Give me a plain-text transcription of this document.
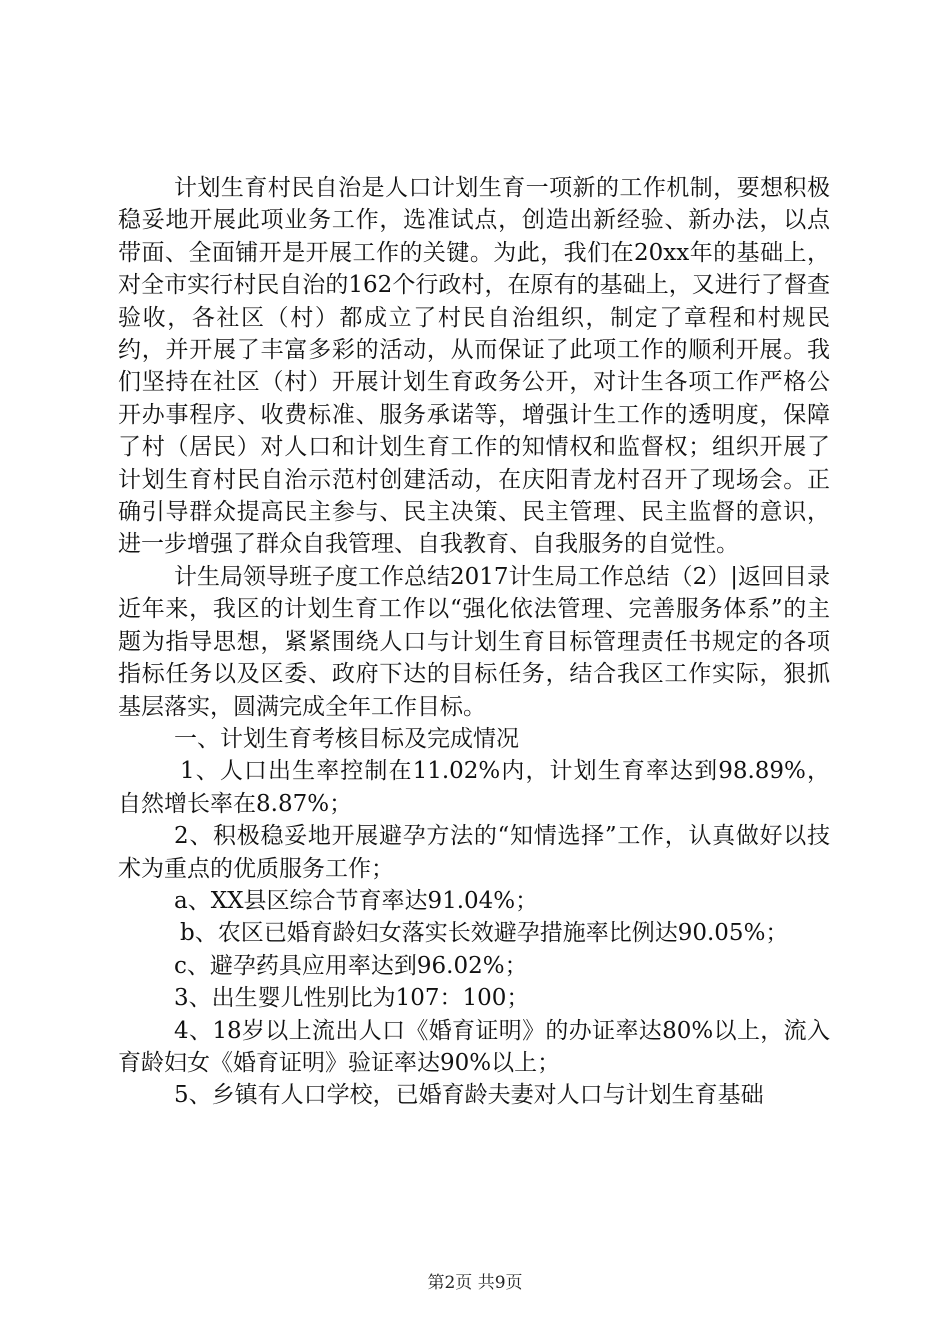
计划生育村民自治是人口计划生育一项新的工作机制，要想积极稳妥地开展此项业务工作，选准试点，创造出新经验、新办法，以点带面、全面铺开是开展工作的关键。为此，我们在20xx年的基础上，对全市实行村民自治的162个行政村，在原有的基础上，又进行了督查验收，各社区（村）都成立了村民自治组织，制定了章程和村规民约，并开展了丰富多彩的活动，从而保证了此项工作的顺利开展。我们坚持在社区（村）开展计划生育政务公开，对计生各项工作严格公开办事程序、收费标准、服务承诺等，增强计生工作的透明度，保障了村（居民）对人口和计划生育工作的知情权和监督权；组织开展了计划生育村民自治示范村创建活动，在庆阳青龙村召开了现场会。正确引导群众提高民主参与、民主决策、民主管理、民主监督的意识，进一步增强了群众自我管理、自我教育、自我服务的自觉性。

计生局领导班子度工作总结2017计生局工作总结（2）|返回目录近年来，我区的计划生育工作以“强化依法管理、完善服务体系”的主题为指导思想，紧紧围绕人口与计划生育目标管理责任书规定的各项指标任务以及区委、政府下达的目标任务，结合我区工作实际，狠抓基层落实，圆满完成全年工作目标。

一、计划生育考核目标及完成情况

1、人口出生率控制在11.02%内，计划生育率达到98.89%，自然增长率在8.87%；

2、积极稳妥地开展避孕方法的“知情选择”工作，认真做好以技术为重点的优质服务工作；

a、XX县区综合节育率达91.04%；

b、农区已婚育龄妇女落实长效避孕措施率比例达90.05%；

c、避孕药具应用率达到96.02%；

3、出生婴儿性别比为107：100；

4、18岁以上流出人口《婚育证明》的办证率达80%以上，流入育龄妇女《婚育证明》验证率达90%以上；

5、乡镇有人口学校，已婚育龄夫妻对人口与计划生育基础

第2页 共9页
